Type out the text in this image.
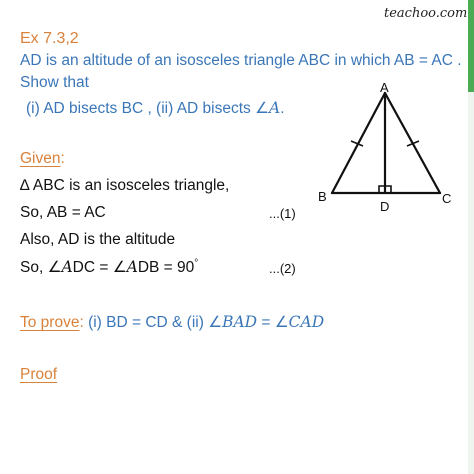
teachoo.com
Ex 7.3,2
AD is an altitude of an isosceles triangle ABC in which AB = AC .
Show that
(i) AD bisects BC , (ii) AD bisects ∠A.
Given:
∆ ABC is an isosceles triangle,
So, AB = AC	...(1)
Also, AD is the altitude
So, ∠ADC = ∠ADB = 90°	...(2)
To prove: (i) BD = CD & (ii) ∠BAD = ∠CAD
Proof
A
B	C
D
